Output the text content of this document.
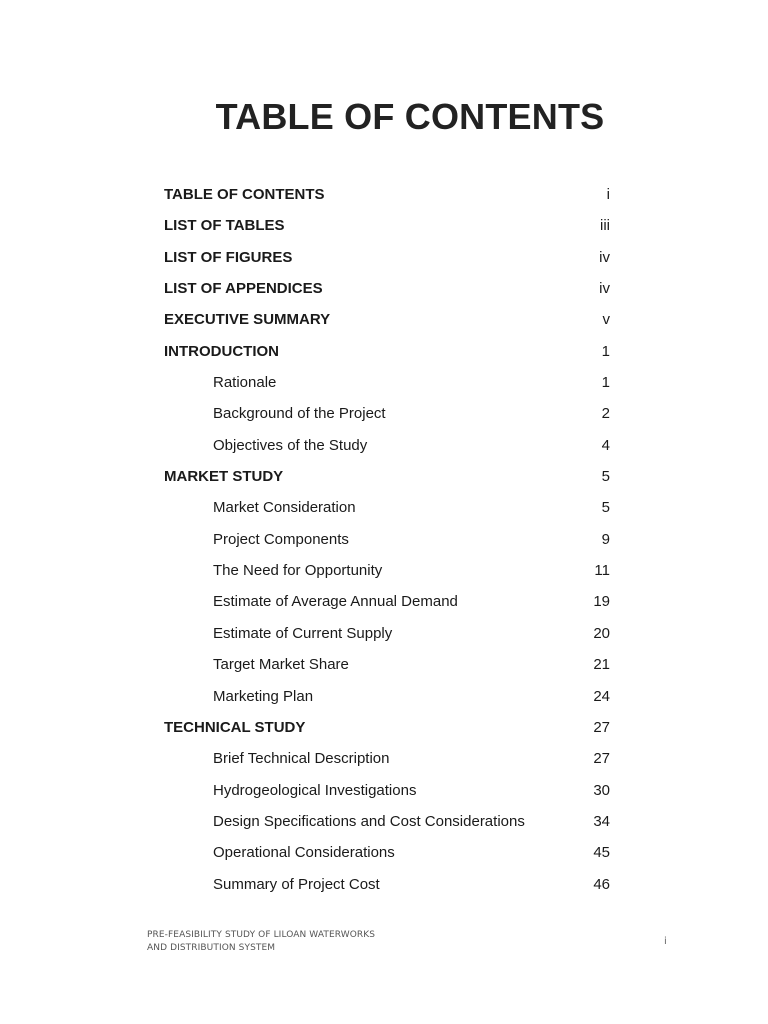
TABLE OF CONTENTS
TABLE OF CONTENTS	i
LIST OF TABLES	iii
LIST OF FIGURES	iv
LIST OF APPENDICES	iv
EXECUTIVE SUMMARY	v
INTRODUCTION	1
Rationale	1
Background of the Project	2
Objectives of the Study	4
MARKET STUDY	5
Market Consideration	5
Project Components	9
The Need for Opportunity	11
Estimate of Average Annual Demand	19
Estimate of Current Supply	20
Target Market Share	21
Marketing Plan	24
TECHNICAL STUDY	27
Brief Technical Description	27
Hydrogeological Investigations	30
Design Specifications and Cost Considerations	34
Operational Considerations	45
Summary of Project Cost	46
PRE-FEASIBILITY STUDY OF LILOAN WATERWORKS
AND DISTRIBUTION SYSTEM
i
